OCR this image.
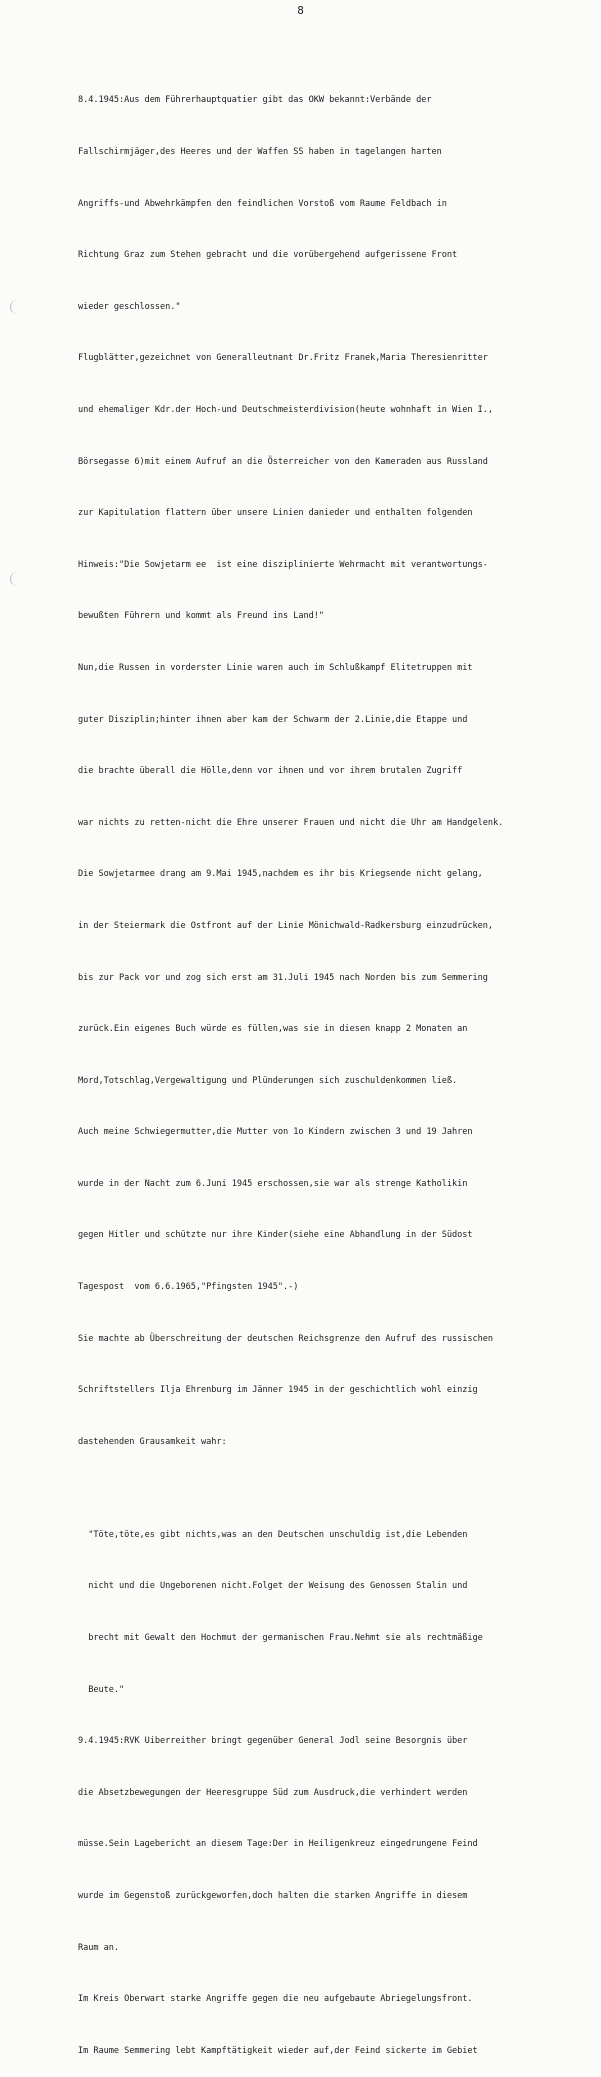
8

8.4.1945:Aus dem Führerhauptquatier gibt das OKW bekannt:Verbände der

Fallschirmjäger,des Heeres und der Waffen SS haben in tagelangen harten

Angriffs-und Abwehrkämpfen den feindlichen Vorstoß vom Raume Feldbach in

Richtung Graz zum Stehen gebracht und die vorübergehend aufgerissene Front

wieder geschlossen."

Flugblätter,gezeichnet von Generalleutnant Dr.Fritz Franek,Maria Theresienritter

und ehemaliger Kdr.der Hoch-und Deutschmeisterdivision(heute wohnhaft in Wien I.,

Börsegasse 6)mit einem Aufruf an die Österreicher von den Kameraden aus Russland

zur Kapitulation flattern über unsere Linien danieder und enthalten folgenden

Hinweis:"Die Sowjetarm ee  ist eine disziplinierte Wehrmacht mit verantwortungs-

bewußten Führern und kommt als Freund ins Land!"

Nun,die Russen in vorderster Linie waren auch im Schlußkampf Elitetruppen mit

guter Disziplin;hinter ihnen aber kam der Schwarm der 2.Linie,die Etappe und

die brachte überall die Hölle,denn vor ihnen und vor ihrem brutalen Zugriff

war nichts zu retten-nicht die Ehre unserer Frauen und nicht die Uhr am Handgelenk.

Die Sowjetarmee drang am 9.Mai 1945,nachdem es ihr bis Kriegsende nicht gelang,

in der Steiermark die Ostfront auf der Linie Mönichwald-Radkersburg einzudrücken,

bis zur Pack vor und zog sich erst am 31.Juli 1945 nach Norden bis zum Semmering

zurück.Ein eigenes Buch würde es füllen,was sie in diesen knapp 2 Monaten an

Mord,Totschlag,Vergewaltigung und Plünderungen sich zuschuldenkommen ließ.

Auch meine Schwiegermutter,die Mutter von 1o Kindern zwischen 3 und 19 Jahren

wurde in der Nacht zum 6.Juni 1945 erschossen,sie war als strenge Katholikin

gegen Hitler und schützte nur ihre Kinder(siehe eine Abhandlung in der Südost

Tagespost  vom 6.6.1965,"Pfingsten 1945".-)

Sie machte ab Überschreitung der deutschen Reichsgrenze den Aufruf des russischen

Schriftstellers Ilja Ehrenburg im Jänner 1945 in der geschichtlich wohl einzig

dastehenden Grausamkeit wahr:

"Töte,töte,es gibt nichts,was an den Deutschen unschuldig ist,die Lebenden

nicht und die Ungeborenen nicht.Folget der Weisung des Genossen Stalin und

brecht mit Gewalt den Hochmut der germanischen Frau.Nehmt sie als rechtmäßige

Beute."

9.4.1945:RVK Uiberreither bringt gegenüber General Jodl seine Besorgnis über

die Absetzbewegungen der Heeresgruppe Süd zum Ausdruck,die verhindert werden

müsse.Sein Lagebericht an diesem Tage:Der in Heiligenkreuz eingedrungene Feind

wurde im Gegenstoß zurückgeworfen,doch halten die starken Angriffe in diesem

Raum an.

Im Kreis Oberwart starke Angriffe gegen die neu aufgebaute Abriegelungsfront.

Im Raume Semmering lebt Kampftätigkeit wieder auf,der Feind sickerte im Gebiet
